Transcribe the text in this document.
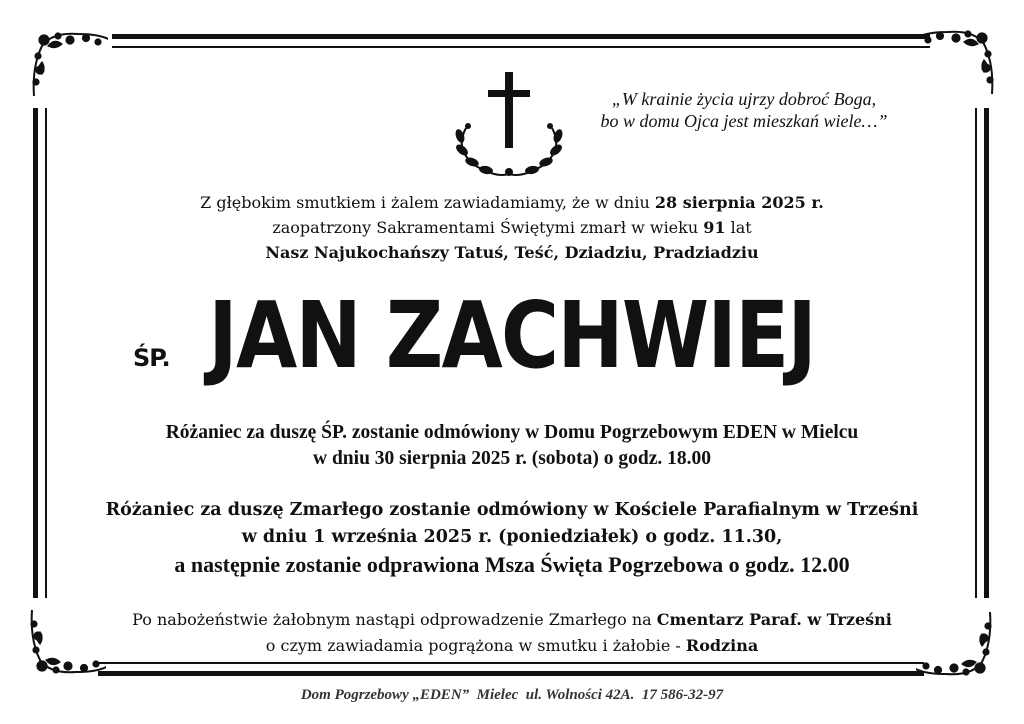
„W krainie życia ujrzy dobroć Boga,
bo w domu Ojca jest mieszkań wiele…”
Z głębokim smutkiem i żalem zawiadamiamy, że w dniu 28 sierpnia 2025 r.
zaopatrzony Sakramentami Świętymi zmarł w wieku 91 lat
Nasz Najukochańszy Tatuś, Teść, Dziadziu, Pradziadziu
ŚP. JAN ZACHWIEJ
Różaniec za duszę ŚP. zostanie odmówiony w Domu Pogrzebowym EDEN w Mielcu
w dniu 30 sierpnia 2025 r. (sobota) o godz. 18.00
Różaniec za duszę Zmarłego zostanie odmówiony w Kościele Parafialnym w Trześni
w dniu 1 września 2025 r. (poniedziałek) o godz. 11.30,
a następnie zostanie odprawiona Msza Święta Pogrzebowa o godz. 12.00
Po nabożeństwie żałobnym nastąpi odprowadzenie Zmarłego na Cmentarz Paraf. w Trześni
o czym zawiadamia pogrążona w smutku i żałobie - Rodzina
Dom Pogrzebowy „EDEN”  Mielec  ul. Wolności 42A.  17 586-32-97
